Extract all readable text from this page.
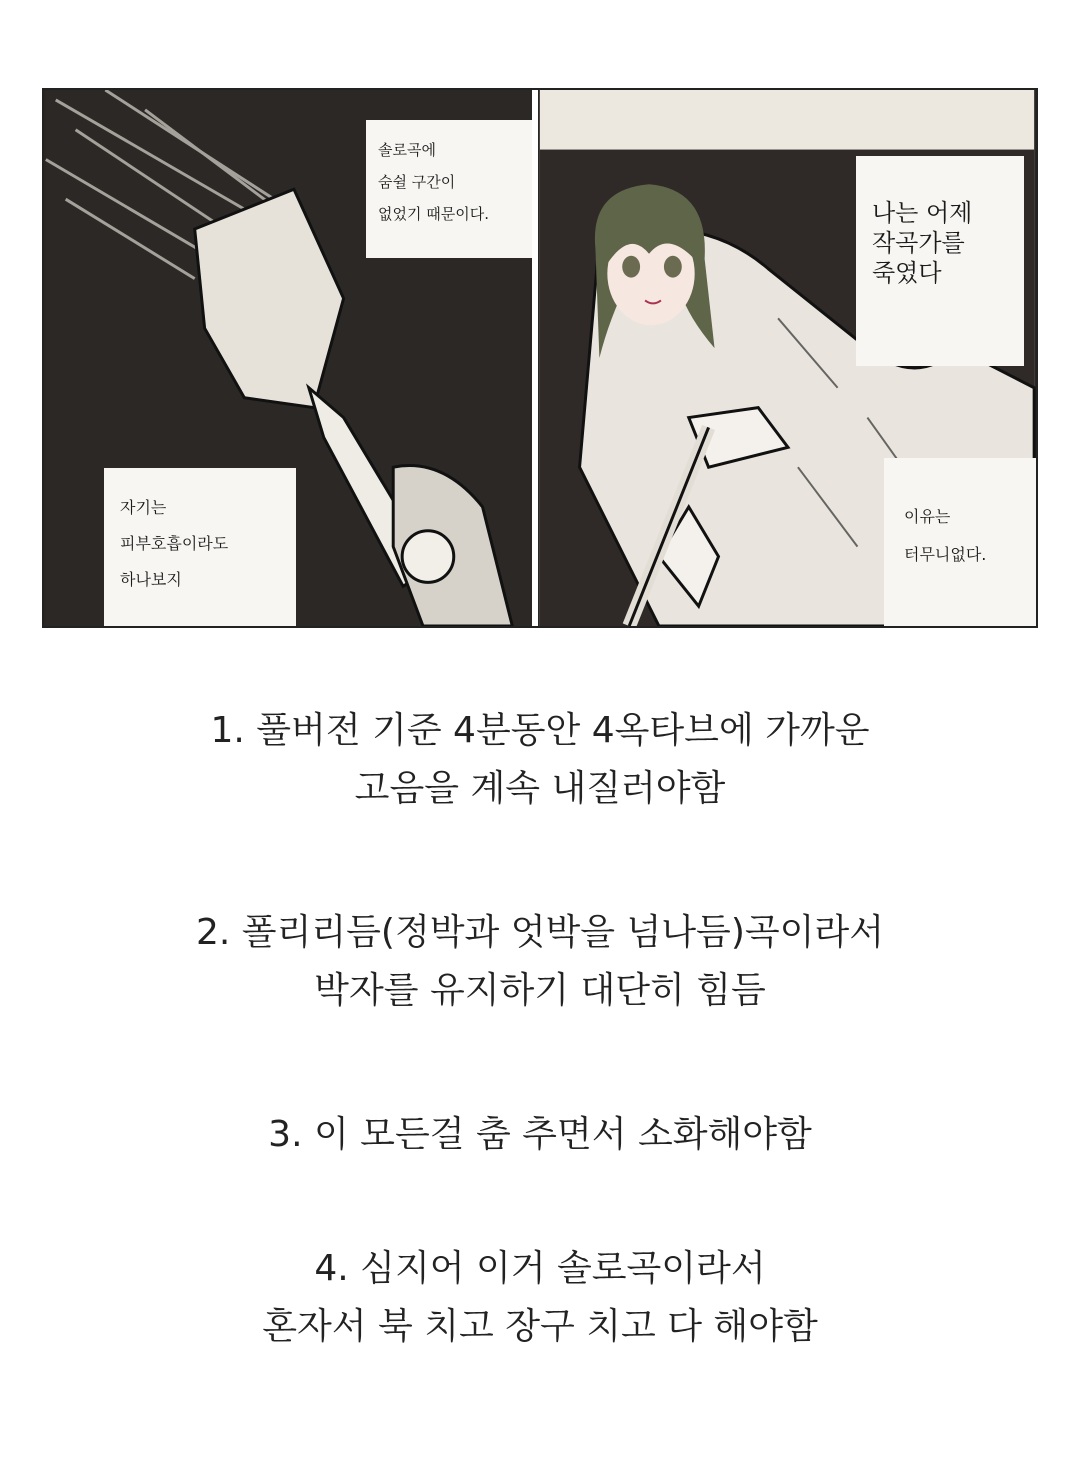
솔로곡에
숨쉴 구간이
없었기 때문이다.
자기는
피부호흡이라도
하나보지
나는 어제
작곡가를
죽였다
이유는
터무니없다.
1. 풀버전 기준 4분동안 4옥타브에 가까운
고음을 계속 내질러야함
2. 폴리리듬(정박과 엇박을 넘나듬)곡이라서
박자를 유지하기 대단히 힘듬
3. 이 모든걸 춤 추면서 소화해야함
4. 심지어 이거 솔로곡이라서
혼자서 북 치고 장구 치고 다 해야함
